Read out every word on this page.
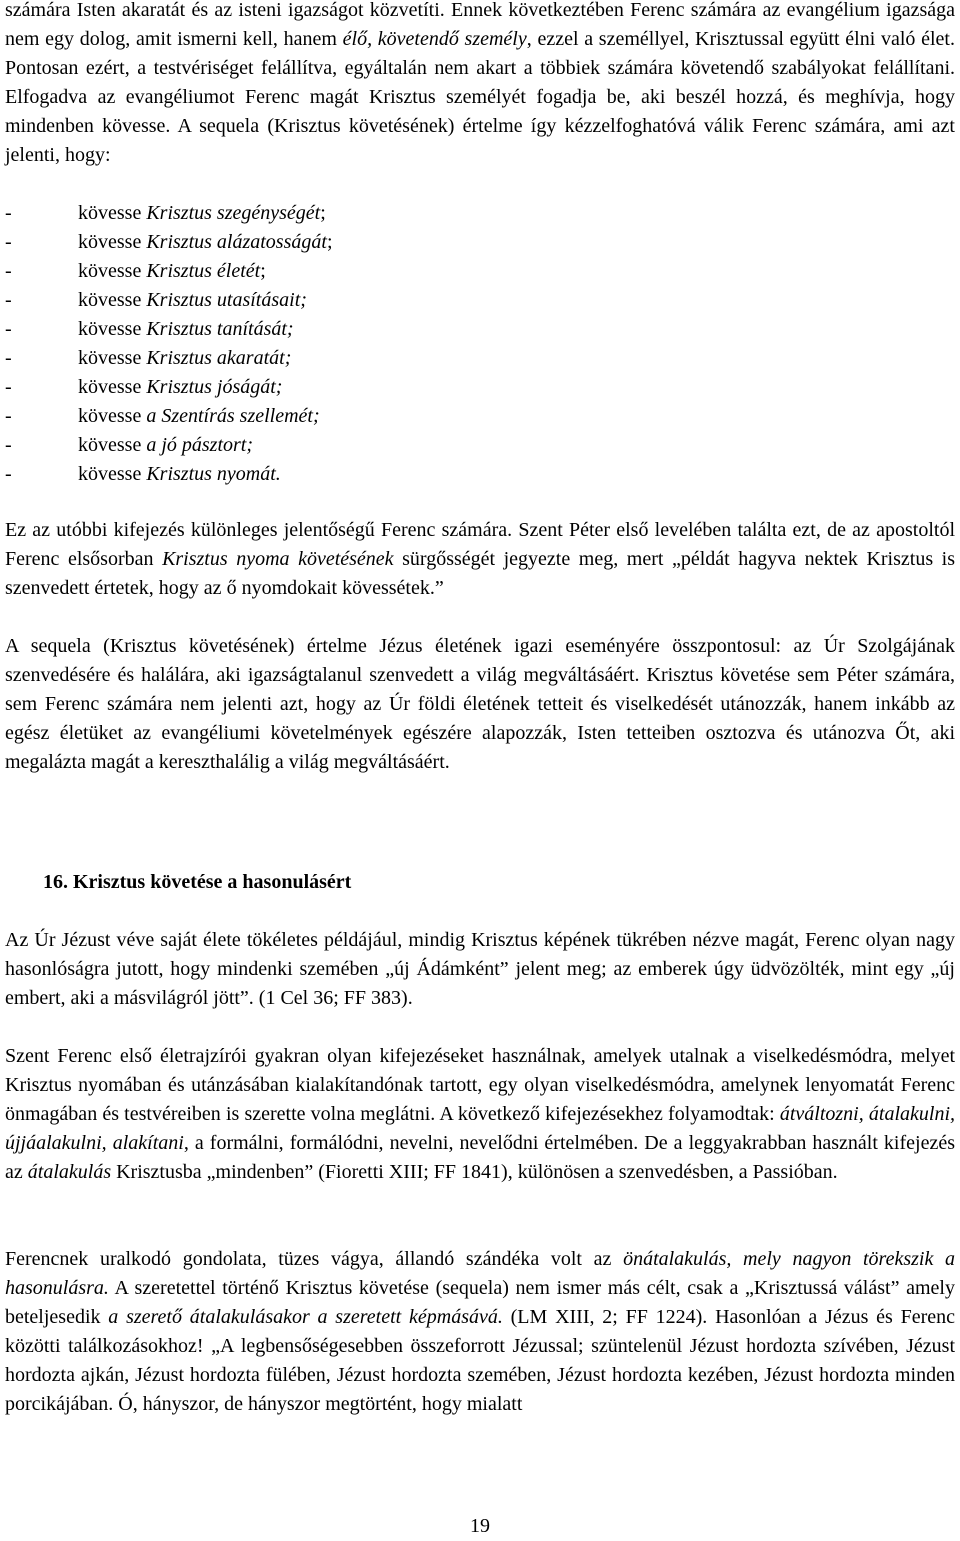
számára Isten akaratát és az isteni igazságot közvetíti. Ennek következtében Ferenc számára az evangélium igazsága nem egy dolog, amit ismerni kell, hanem élő, követendő személy, ezzel a személlyel, Krisztussal együtt élni való élet. Pontosan ezért, a testvériséget felállítva, egyáltalán nem akart a többiek számára követendő szabályokat felállítani. Elfogadva az evangéliumot Ferenc magát Krisztus személyét fogadja be, aki beszél hozzá, és meghívja, hogy mindenben kövesse. A sequela (Krisztus követésének) értelme így kézzelfoghatóvá válik Ferenc számára, ami azt jelenti, hogy:

-	kövesse Krisztus szegénységét;
-	kövesse Krisztus alázatosságát;
-	kövesse Krisztus életét;
-	kövesse Krisztus utasításait;
-	kövesse Krisztus tanítását;
-	kövesse Krisztus akaratát;
-	kövesse Krisztus jóságát;
-	kövesse a Szentírás szellemét;
-	kövesse a jó pásztort;
-	kövesse Krisztus nyomát.

Ez az utóbbi kifejezés különleges jelentőségű Ferenc számára. Szent Péter első levelében találta ezt, de az apostoltól Ferenc elsősorban Krisztus nyoma követésének sürgősségét jegyezte meg, mert „példát hagyva nektek Krisztus is szenvedett értetek, hogy az ő nyomdokait kövessétek.”

A sequela (Krisztus követésének) értelme Jézus életének igazi eseményére összpontosul: az Úr Szolgájának szenvedésére és halálára, aki igazságtalanul szenvedett a világ megváltásáért. Krisztus követése sem Péter számára, sem Ferenc számára nem jelenti azt, hogy az Úr földi életének tetteit és viselkedését utánozzák, hanem inkább az egész életüket az evangéliumi követelmények egészére alapozzák, Isten tetteiben osztozva és utánozva Őt, aki megalázta magát a kereszthalálig a világ megváltásáért.

16. Krisztus követése a hasonulásért

Az Úr Jézust véve saját élete tökéletes példájául, mindig Krisztus képének tükrében nézve magát, Ferenc olyan nagy hasonlóságra jutott, hogy mindenki szemében „új Ádámként” jelent meg; az emberek úgy üdvözölték, mint egy „új embert, aki a másvilágról jött”. (1 Cel 36; FF 383).

Szent Ferenc első életrajzírói gyakran olyan kifejezéseket használnak, amelyek utalnak a viselkedésmódra, melyet Krisztus nyomában és utánzásában kialakítandónak tartott, egy olyan viselkedésmódra, amelynek lenyomatát Ferenc önmagában és testvéreiben is szerette volna meglátni. A következő kifejezésekhez folyamodtak: átváltozni, átalakulni, újjáalakulni, alakítani, a formálni, formálódni, nevelni, nevelődni értelmében. De a leggyakrabban használt kifejezés az átalakulás Krisztusba „mindenben” (Fioretti XIII; FF 1841), különösen a szenvedésben, a Passióban.

Ferencnek uralkodó gondolata, tüzes vágya, állandó szándéka volt az önátalakulás, mely nagyon törekszik a hasonulásra. A szeretettel történő Krisztus követése (sequela) nem ismer más célt, csak a „Krisztussá válást” amely beteljesedik a szerető átalakulásakor a szeretett képmásává. (LM XIII, 2; FF 1224). Hasonlóan a Jézus és Ferenc közötti találkozásokhoz! „A legbensőségesebben összeforrott Jézussal; szüntelenül Jézust hordozta szívében, Jézust hordozta ajkán, Jézust hordozta fülében, Jézust hordozta szemében, Jézust hordozta kezében, Jézust hordozta minden porcikájában. Ó, hányszor, de hányszor megtörtént, hogy mialatt

19
